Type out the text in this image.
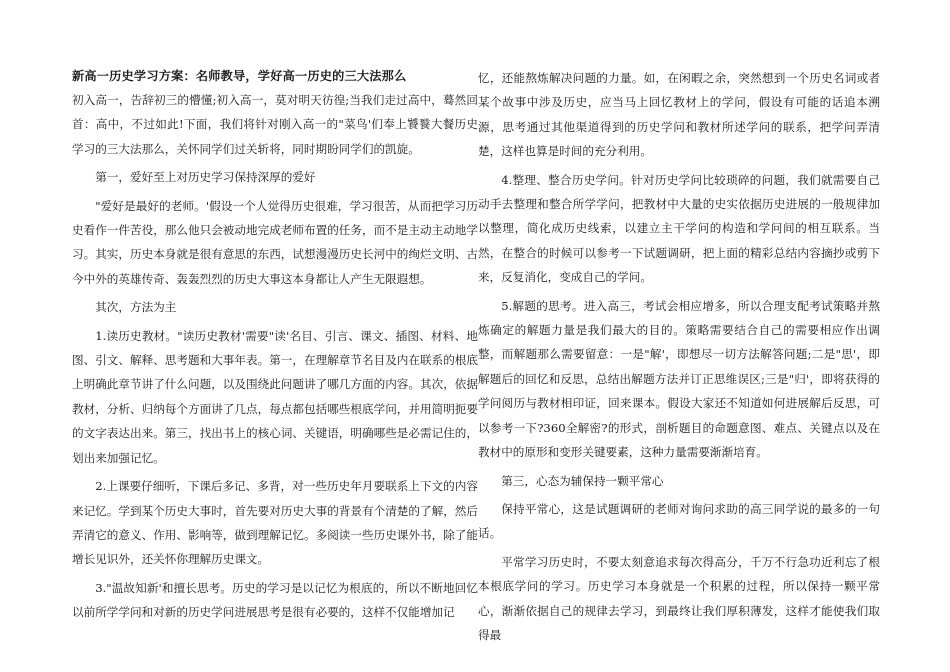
新高一历史学习方案：名师教导，学好高一历史的三大法那么

初入高一，告辞初三的懵懂;初入高一，莫对明天彷徨;当我们走过高中，蓦然回首：高中，不过如此!下面，我们将针对刚入高一的"菜鸟'们奉上饕餮大餐历史学习的三大法那么，关怀同学们过关斩将，同时期盼同学们的凯旋。

第一，爱好至上对历史学习保持深厚的爱好

"爱好是最好的老师。'假设一个人觉得历史很难，学习很苦，从而把学习历史看作一件苦役，那么他只会被动地完成老师布置的任务，而不是主动主动地学习。其实，历史本身就是很有意思的东西，试想漫漫历史长河中的绚烂文明、古今中外的英雄传奇、轰轰烈烈的历史大事这本身都让人产生无限遐想。

其次，方法为主

1.读历史教材。"读历史教材'需要"读'名目、引言、课文、插图、材料、地图、引文、解释、思考题和大事年表。第一，在理解章节名目及内在联系的根底上明确此章节讲了什么问题，以及围绕此问题讲了哪几方面的内容。其次，依据教材，分析、归纳每个方面讲了几点，每点都包括哪些根底学问，并用简明扼要的文字表达出来。第三，找出书上的核心词、关键语，明确哪些是必需记住的，划出来加强记忆。

2.上课要仔细听，下课后多记、多背，对一些历史年月要联系上下文的内容来记忆。学到某个历史大事时，首先要对历史大事的背景有个清楚的了解，然后弄清它的意义、作用、影响等，做到理解记忆。多阅读一些历史课外书，除了能增长见识外，还关怀你理解历史课文。

3."温故知新'和擅长思考。历史的学习是以记忆为根底的，所以不断地回忆以前所学学问和对新的历史学问进展思考是很有必要的，这样不仅能增加记

忆，还能熬炼解决问题的力量。如，在闲暇之余，突然想到一个历史名词或者某个故事中涉及历史，应当马上回忆教材上的学问，假设有可能的话追本溯源，思考通过其他渠道得到的历史学问和教材所述学问的联系，把学问弄清楚，这样也算是时间的充分利用。

4.整理、整合历史学问。针对历史学问比较琐碎的问题，我们就需要自己动手去整理和整合所学学问，把教材中大量的史实依据历史进展的一般规律加以整理，简化成历史线索，以建立主干学问的构造和学问间的相互联系。当然，在整合的时候可以参考一下试题调研，把上面的精彩总结内容摘抄或剪下来，反复消化，变成自己的学问。

5.解题的思考。进入高三，考试会相应增多，所以合理支配考试策略并熬炼确定的解题力量是我们最大的目的。策略需要结合自己的需要相应作出调整，而解题那么需要留意：一是"解'，即想尽一切方法解答问题;二是"思'，即解题后的回忆和反思，总结出解题方法并订正思维误区;三是"归'，即将获得的学问阅历与教材相印证，回来课本。假设大家还不知道如何进展解后反思，可以参考一下?360全解密?的形式，剖析题目的命题意图、难点、关键点以及在教材中的原形和变形关键要素，这种力量需要渐渐培育。

第三，心态为辅保持一颗平常心

保持平常心，这是试题调研的老师对询问求助的高三同学说的最多的一句话。

平常学习历史时，不要太刻意追求每次得高分，千万不行急功近利忘了根本根底学问的学习。历史学习本身就是一个积累的过程，所以保持一颗平常心，渐渐依据自己的规律去学习，到最终让我们厚积薄发，这样才能使我们取得最
